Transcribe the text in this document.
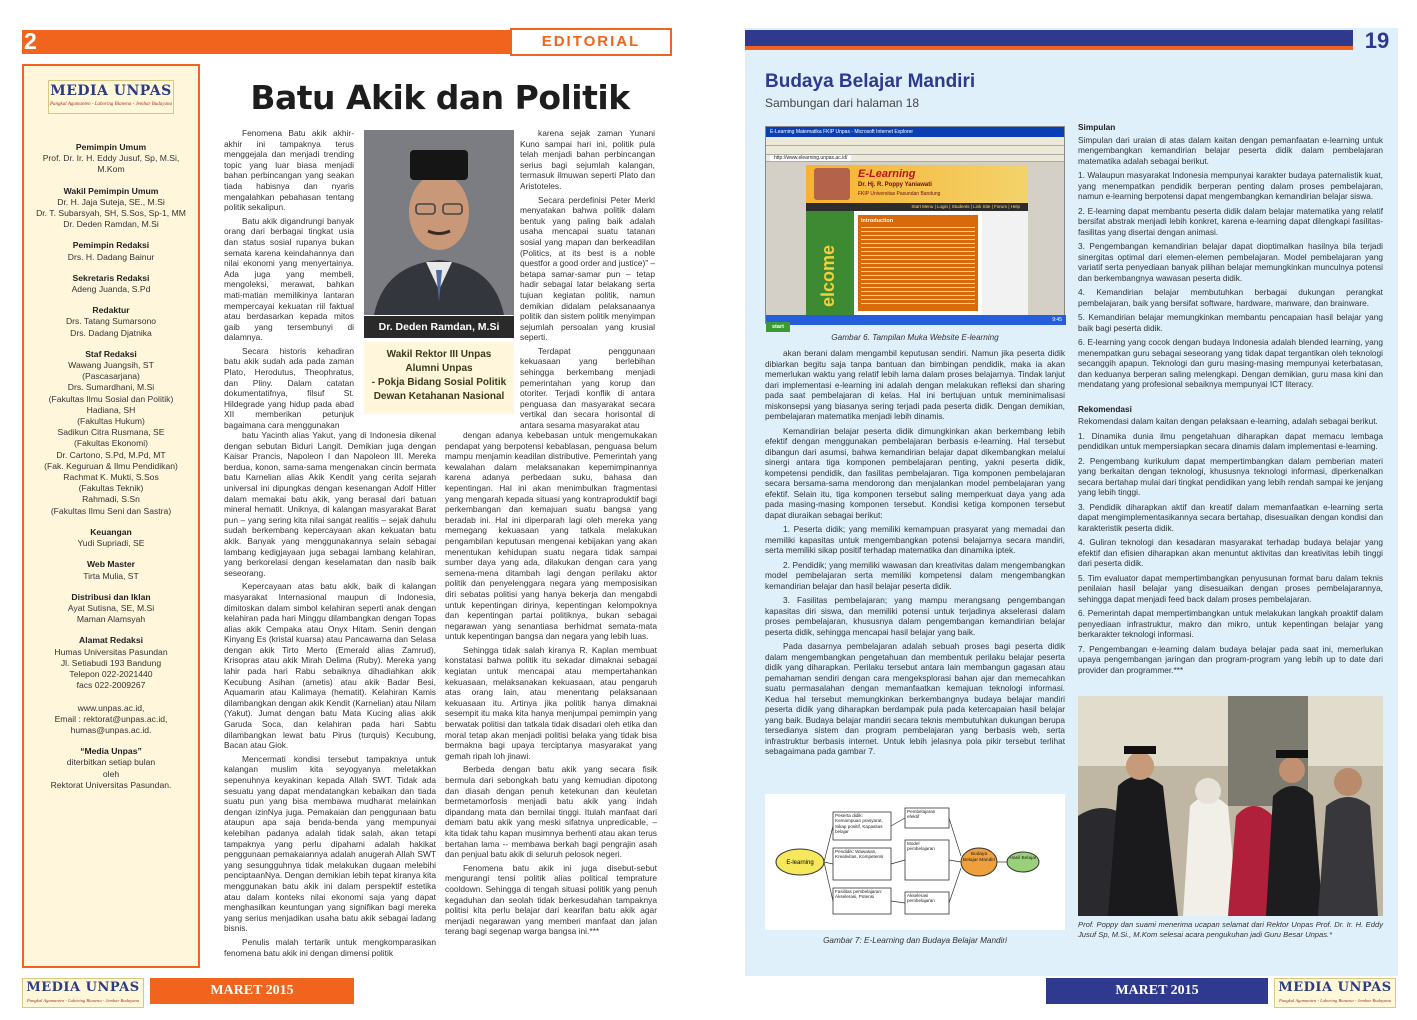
2	EDITORIAL
MEDIA UNPAS
Pangkal Agamanten - Laboring Bianena - Jembar Budayana
Pemimpin Umum
Prof. Dr. Ir. H. Eddy Jusuf, Sp, M.Si, M.Kom
Wakil Pemimpin Umum
Dr. H. Jaja Suteja, SE., M.Si
Dr. T. Subarsyah, SH, S.Sos, Sp-1, MM
Dr. Deden Ramdan, M.Si
Pemimpin Redaksi
Drs. H. Dadang Bainur
Sekretaris Redaksi
Adeng Juanda, S.Pd
Redaktur
Drs. Tatang Sumarsono
Drs. Dadang Djatnika
Staf Redaksi
Wawang Juangsih, ST
(Pascasarjana)
Drs. Sumardhani, M.Si
(Fakultas Ilmu Sosial dan Politik)
Hadiana, SH
(Fakultas Hukum)
Sadikun Citra Rusmana, SE
(Fakultas Ekonomi)
Dr. Cartono, S.Pd, M.Pd, MT
(Fak. Keguruan & Ilmu Pendidikan)
Rachmat K. Mukti, S.Sos
(Fakultas Teknik)
Rahmadi, S.Sn
(Fakultas Ilmu Seni dan Sastra)
Keuangan
Yudi Supriadi, SE
Web Master
Tirta Mulia, ST
Distribusi dan Iklan
Ayat Sutisna, SE, M.Si
Maman Alamsyah
Alamat Redaksi
Humas Universitas Pasundan
Jl. Setiabudi 193 Bandung
Telepon 022-2021440
facs 022-2009267

www.unpas.ac.id,
Email : rektorat@unpas.ac.id,
humas@unpas.ac.id.
“Media Unpas”
diterbitkan setiap bulan
oleh
Rektorat Universitas Pasundan.
Batu Akik dan Politik

Fenomena Batu akik akhir-akhir ini tampaknya terus menggejala dan menjadi trending topic yang luar biasa menjadi bahan perbincangan yang seakan tiada habisnya dan nyaris mengalahkan pebahasan tentang politik sekalipun.

Batu akik digandrungi banyak orang dari berbagai tingkat usia dan status sosial rupanya bukan semata karena keindahannya dan nilai ekonomi yang menyertainya. Ada juga yang membeli, mengoleksi, merawat, bahkan mati-matian memilikinya lantaran mempercayai kekuatan riil faktual atau berdasarkan kepada mitos gaib yang tersembunyi di dalamnya.

Secara historis kehadiran batu akik sudah ada pada zaman Plato, Herodutus, Theophratus, dan Pliny. Dalam catatan dokumentatifnya, filsuf St. Hildegrade yang hidup pada abad XII memberikan petunjuk bagaimana cara menggunakan

Dr. Deden Ramdan, M.Si
Wakil Rektor III Unpas
Alumni Unpas
- Pokja Bidang Sosial Politik
Dewan Ketahanan Nasional

karena sejak zaman Yunani Kuno sampai hari ini, politik pula telah menjadi bahan perbincangan serius bagi sejumlah kalangan, termasuk ilmuwan seperti Plato dan Aristoteles.

Secara perdefinisi Peter Merkl menyatakan bahwa politik dalam bentuk yang paling baik adalah usaha mencapai suatu tatanan sosial yang mapan dan berkeadilan (Politics, at its best is a noble questfor a good order and justice)” – betapa samar-samar pun – tetap hadir sebagai latar belakang serta tujuan kegiatan politik, namun demikian didalam pelaksanaanya politik dan sistem politik menyimpan sejumlah persoalan yang krusial seperti.

Terdapat penggunaan kekuasaan yang berlebihan sehingga berkembang menjadi pemerintahan yang korup dan otoriter. Terjadi konflik di antara penguasa dan masyarakat secara vertikal dan secara horisontal di antara sesama masyarakat atau

batu Yacinth alias Yakut, yang di Indonesia dikenal dengan sebutan Biduri Langit. Demikian juga dengan Kaisar Prancis, Napoleon I dan Napoleon III. Mereka berdua, konon, sama-sama mengenakan cincin bermata batu Karnelian alias Akik Kendit yang cerita sejarah universal ini dipungkas dengan kesenangan Adolf Hitler dalam memakai batu akik, yang berasal dari batuan mineral hematit. Uniknya, di kalangan masyarakat Barat pun – yang sering kita nilai sangat realitis – sejak dahulu sudah berkembang kepercayaan akan kekuatan batu akik. Banyak yang menggunakannya selain sebagai lambang kedigjayaan juga sebagai lambang kelahiran, yang berkorelasi dengan keselamatan dan nasib baik seseorang.

Kepercayaan atas batu akik, baik di kalangan masyarakat Internasional maupun di Indonesia, dimitoskan dalam simbol kelahiran seperti anak dengan kelahiran pada hari Minggu dilambangkan dengan Topas alias akik Cempaka atau Onyx Hitam. Senin dengan Kinyang Es (kristal kuarsa) atau Pancawarna dan Selasa dengan akik Tirto Merto (Emerald alias Zamrud), Krisopras atau akik Mirah Delima (Ruby). Mereka yang lahir pada hari Rabu sebaiknya dihadiahkan akik Kecubung Asihan (ametis) atau akik Badar Besi, Aquamarin atau Kalimaya (hematit). Kelahiran Kamis dilambangkan dengan akik Kendit (Karnelian) atau Nilam (Yakut). Jumat dengan batu Mata Kucing alias akik Garuda Soca, dan kelahiran pada hari Sabtu dilambangkan lewat batu Pirus (turquis) Kecubung, Bacan atau Giok.

Mencermati kondisi tersebut tampaknya untuk kalangan muslim kita seyogyanya meletakkan sepenuhnya keyakinan kepada Allah SWT. Tidak ada sesuatu yang dapat mendatangkan kebaikan dan tiada suatu pun yang bisa membawa mudharat melainkan dengan izinNya juga. Pemakaian dan penggunaan batu ataupun apa saja benda-benda yang mempunyai kelebihan padanya adalah tidak salah, akan tetapi tampaknya yang perlu dipahami adalah hakikat penggunaan pemakaiannya adalah anugerah Allah SWT yang sesungguhnya tidak melakukan dugaan melebihi penciptaanNya. Dengan demikian lebih tepat kiranya kita menggunakan batu akik ini dalam perspektif estetika atau dalam konteks nilai ekonomi saja yang dapat menghasilkan keuntungan yang signifikan bagi mereka yang serius menjadikan usaha batu akik sebagai ladang bisnis.

Penulis malah tertarik untuk mengkomparasikan fenomena batu akik ini dengan dimensi politik

dengan adanya kebebasan untuk mengemukakan pendapat yang berpotensi kebablasan, penguasa belum mampu menjamin keadilan distributive. Pemerintah yang kewalahan dalam melaksanakan kepemimpinannya karena adanya perbedaan suku, bahasa dan kepentingan. Hal ini akan menimbulkan fragmentasi yang mengarah kepada situasi yang kontraproduktif bagi perkembangan dan kemajuan suatu bangsa yang beradab ini. Hal ini diperparah lagi oleh mereka yang memegang kekuasaan yang tatkala melakukan pengambilan keputusan mengenai kebijakan yang akan menentukan kehidupan suatu negara tidak sampai sumber daya yang ada, dilakukan dengan cara yang semena-mena ditambah lagi dengan perilaku aktor politik dan penyelenggara negara yang memposisikan diri sebatas politisi yang hanya bekerja dan mengabdi untuk kepentingan dirinya, kepentingan kelompoknya dan kepentingan partai politiknya, bukan sebagai negarawan yang senantiasa berhidmat semata-mata untuk kepentingan bangsa dan negara yang lebih luas.

Sehingga tidak salah kiranya R. Kaplan membuat konstatasi bahwa politik itu sekadar dimaknai sebagai kegiatan untuk mencapai atau mempertahankan kekuasaan, melaksanakan kekuasaan, atau pengaruh atas orang lain, atau menentang pelaksanaan kekuasaan itu. Artinya jika politik hanya dimaknai sesempit itu maka kita hanya menjumpai pemimpin yang berwatak politisi dan tatkala tidak disadari oleh etika dan moral tetap akan menjadi politisi belaka yang tidak bisa bermakna bagi upaya terciptanya masyarakat yang gemah ripah loh jinawi.

Berbeda dengan batu akik yang secara fisik bermula dari sebongkah batu yang kemudian dipotong dan diasah dengan penuh ketekunan dan keuletan bermetamorfosis menjadi batu akik yang indah dipandang mata dan bernilai tinggi. Itulah manfaat dari demam batu akik yang meski sifatnya unpredicable, – kita tidak tahu kapan musimnya berhenti atau akan terus bertahan lama -- membawa berkah bagi pengrajin asah dan penjual batu akik di seluruh pelosok negeri.

Fenomena batu akik ini juga disebut-sebut mengurangi tensi politik alias political temprature cooldown. Sehingga di tengah situasi politik yang penuh kegaduhan dan seolah tidak berkesudahan tampaknya politisi kita perlu belajar dari kearifan batu akik agar menjadi negarawan yang memberi manfaat dan jalan terang bagi segenap warga bangsa ini.***

MEDIA UNPAS
Pangkal Agamanten - Laboring Bianena - Jembar Budayana
MARET 2015
19
Budaya Belajar Mandiri
Sambungan dari halaman 18
E-Learning Matematika FKIP Unpas - Microsoft Internet Explorer
http://www.elearning.unpas.ac.id/
E-Learning
Dr. Hj. R. Poppy Yaniawati
FKIP Universitas Pasundan Bandung
Start Menu | Login | Students | Link Site | Forum | Help
elcome
Introduction
start
9:45
Gambar 6. Tampilan Muka Website E-learning

akan berani dalam mengambil keputusan sendiri. Namun jika peserta didik dibiarkan begitu saja tanpa bantuan dan bimbingan pendidik, maka ia akan memerlukan waktu yang relatif lebih lama dalam proses belajarnya. Tindak lanjut dari implementasi e-learning ini adalah dengan melakukan refleksi dan sharing pada saat pembelajaran di kelas. Hal ini bertujuan untuk meminimalisasi miskonsepsi yang biasanya sering terjadi pada peserta didik. Dengan demikian, pembelajaran matematika menjadi lebih dinamis.

Kemandirian belajar peserta didik dimungkinkan akan berkembang lebih efektif dengan menggunakan pembelajaran berbasis e-learning. Hal tersebut dibangun dari asumsi, bahwa kemandirian belajar dapat dikembangkan melalui sinergi antara tiga komponen pembelajaran penting, yakni peserta didik, kompetensi pendidik, dan fasilitas pembelajaran. Tiga komponen pembelajaran secara bersama-sama mendorong dan menjalankan model pembelajaran yang efektif. Selain itu, tiga komponen tersebut saling memperkuat daya yang ada pada masing-masing komponen tersebut. Kondisi ketiga komponen tersebut dapat diuraikan sebagai berikut:

1. Peserta didik; yang memiliki kemampuan prasyarat yang memadai dan memiliki kapasitas untuk mengembangkan potensi belajarnya secara mandiri, serta memiliki sikap positif terhadap matematika dan dinamika iptek.

2. Pendidik; yang memiliki wawasan dan kreativitas dalam mengembangkan model pembelajaran serta memiliki kompetensi dalam mengembangkan kemandirian belajar dan hasil belajar peserta didik.

3. Fasilitas pembelajaran; yang mampu merangsang pengembangan kapasitas diri siswa, dan memiliki potensi untuk terjadinya akselerasi dalam proses pembelajaran, khususnya dalam pengembangan kemandirian belajar peserta didik, sehingga mencapai hasil belajar yang baik.

Pada dasarnya pembelajaran adalah sebuah proses bagi peserta didik dalam mengembangkan pengetahuan dan membentuk perilaku belajar peserta didik yang diharapkan. Perilaku tersebut antara lain membangun gagasan atau pemahaman sendiri dengan cara mengeksplorasi bahan ajar dan memecahkan suatu permasalahan dengan memanfaatkan kemajuan teknologi informasi. Kedua hal tersebut memungkinkan berkembangnya budaya belajar mandiri peserta didik yang diharapkan berdampak pula pada ketercapaian hasil belajar yang baik. Budaya belajar mandiri secara teknis membutuhkan dukungan berupa tersedianya sistem dan program pembelajaran yang berbasis web, serta infrastruktur berbasis internet. Untuk lebih jelasnya pola pikir tersebut terlihat sebagaimana pada gambar 7.

E-learning
Peserta didik: Kemampuan prasyarat, Sikap positif, Kapasitas belajar
Pendidik: Wawasan, Kreativitas, Kompetensi
Fasilitas pembelajaran: Akselerasi, Potensi
Pembelajaran efektif
Model pembelajaran
Akselerasi pembelajaran
Budaya Belajar Mandiri	Hasil Belajar
Gambar 7: E-Learning dan Budaya Belajar Mandiri
Simpulan

Simpulan dari uraian di atas dalam kaitan dengan pemanfaatan e-learning untuk mengembangkan kemandirian belajar peserta didik dalam pembelajaran matematika adalah sebagai berikut.

1. Walaupun masyarakat Indonesia mempunyai karakter budaya paternalistik kuat, yang menempatkan pendidik berperan penting dalam proses pembelajaran, namun e-learning berpotensi dapat mengembangkan kemandirian belajar siswa.

2. E-learning dapat membantu peserta didik dalam belajar matematika yang relatif bersifat abstrak menjadi lebih konkret, karena e-learning dapat dilengkapi fasilitas-fasilitas yang disertai dengan animasi.

3. Pengembangan kemandirian belajar dapat dioptimalkan hasilnya bila terjadi sinergitas optimal dari elemen-elemen pembelajaran. Model pembelajaran yang variatif serta penyediaan banyak pilihan belajar memungkinkan munculnya potensi dan berkembangnya wawasan peserta didik.

4. Kemandirian belajar membutuhkan berbagai dukungan perangkat pembelajaran, baik yang bersifat software, hardware, manware, dan brainware.

5. Kemandirian belajar memungkinkan membantu pencapaian hasil belajar yang baik bagi peserta didik.

6. E-learning yang cocok dengan budaya Indonesia adalah blended learning, yang menempatkan guru sebagai seseorang yang tidak dapat tergantikan oleh teknologi secanggih apapun. Teknologi dan guru masing-masing mempunyai keterbatasan, dan keduanya berperan saling melengkapi. Dengan demikian, guru masa kini dan mendatang yang profesional sebaiknya mempunyai ICT literacy.

Rekomendasi

Rekomendasi dalam kaitan dengan pelaksaan e-learning, adalah sebagai berikut.

1. Dinamika dunia ilmu pengetahuan diharapkan dapat memacu lembaga pendidikan untuk mempersiapkan secara dinamis dalam implementasi e-learning.

2. Pengembang kurikulum dapat mempertimbangkan dalam pemberian materi yang berkaitan dengan teknologi, khususnya teknologi informasi, diperkenalkan secara bertahap mulai dari tingkat pendidikan yang lebih rendah sampai ke jenjang yang lebih tinggi.

3. Pendidik diharapkan aktif dan kreatif dalam memanfaatkan e-learning serta dapat mengimplementasikannya secara bertahap, disesuaikan dengan kondisi dan karakteristik peserta didik.

4. Guliran teknologi dan kesadaran masyarakat terhadap budaya belajar yang efektif dan efisien diharapkan akan menuntut aktivitas dan kreativitas lebih tinggi dari peserta didik.

5. Tim evaluator dapat mempertimbangkan penyusunan format baru dalam teknis penilaian hasil belajar yang disesuaikan dengan proses pembelajarannya, sehingga dapat menjadi feed back dalam proses pembelajaran.

6. Pemerintah dapat mempertimbangkan untuk melakukan langkah proaktif dalam penyediaan infrastruktur, makro dan mikro, untuk kepentingan belajar yang berkarakter teknologi informasi.

7. Pengembangan e-learning dalam budaya belajar pada saat ini, memerlukan upaya pengembangan jaringan dan program-program yang lebih up to date dari provider dan programmer.***

Prof. Poppy dan suami menerima ucapan selamat dari Rektor Unpas Prof. Dr. Ir. H. Eddy Jusuf Sp, M.Si., M.Kom selesai acara pengukuhan jadi Guru Besar Unpas.*
MARET 2015	MEDIA UNPAS
Pangkal Agamanten - Laboring Bianena - Jembar Budayana
